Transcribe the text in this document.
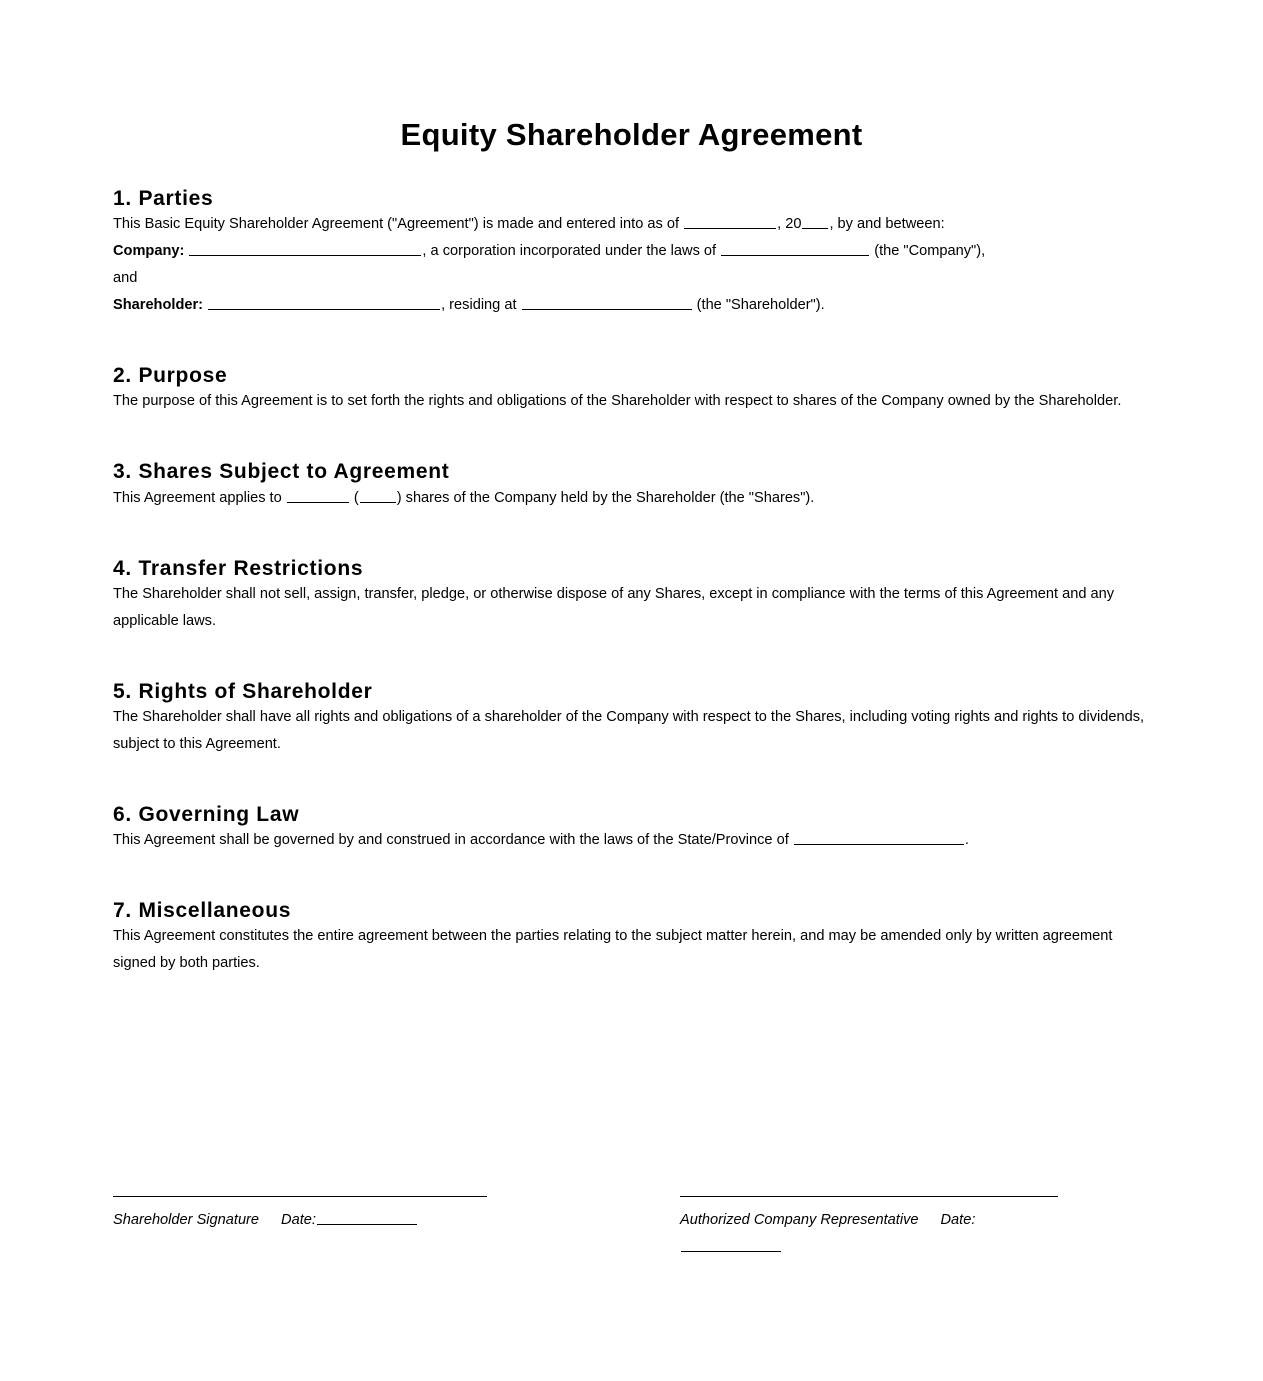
Equity Shareholder Agreement
1. Parties

This Basic Equity Shareholder Agreement ("Agreement") is made and entered into as of	, 20 , by and between:

Company:	, a corporation incorporated under the laws of	(the "Company"),

and

Shareholder:	, residing at	(the "Shareholder").

2. Purpose

The purpose of this Agreement is to set forth the rights and obligations of the Shareholder with respect to shares of the Company owned by the Shareholder.

3. Shares Subject to Agreement

This Agreement applies to	(	) shares of the Company held by the Shareholder (the "Shares").

4. Transfer Restrictions

The Shareholder shall not sell, assign, transfer, pledge, or otherwise dispose of any Shares, except in compliance with the terms of this Agreement and any applicable laws.

5. Rights of Shareholder

The Shareholder shall have all rights and obligations of a shareholder of the Company with respect to the Shares, including voting rights and rights to dividends, subject to this Agreement.

6. Governing Law

This Agreement shall be governed by and construed in accordance with the laws of the State/Province of	.

7. Miscellaneous

This Agreement constitutes the entire agreement between the parties relating to the subject matter herein, and may be amended only by written agreement signed by both parties.

Shareholder Signature Date:	Authorized Company Representative Date:
